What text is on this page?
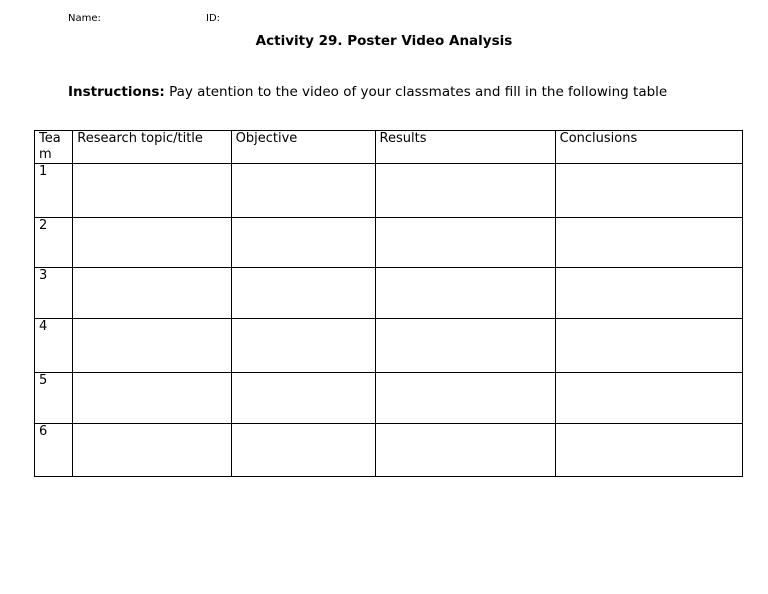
Name:	ID:
Activity 29. Poster Video Analysis
Instructions: Pay atention to the video of your classmates and fill in the following table
Team	Research topic/title	Objective	Results	Conclusions
1				
2				
3				
4				
5				
6				
